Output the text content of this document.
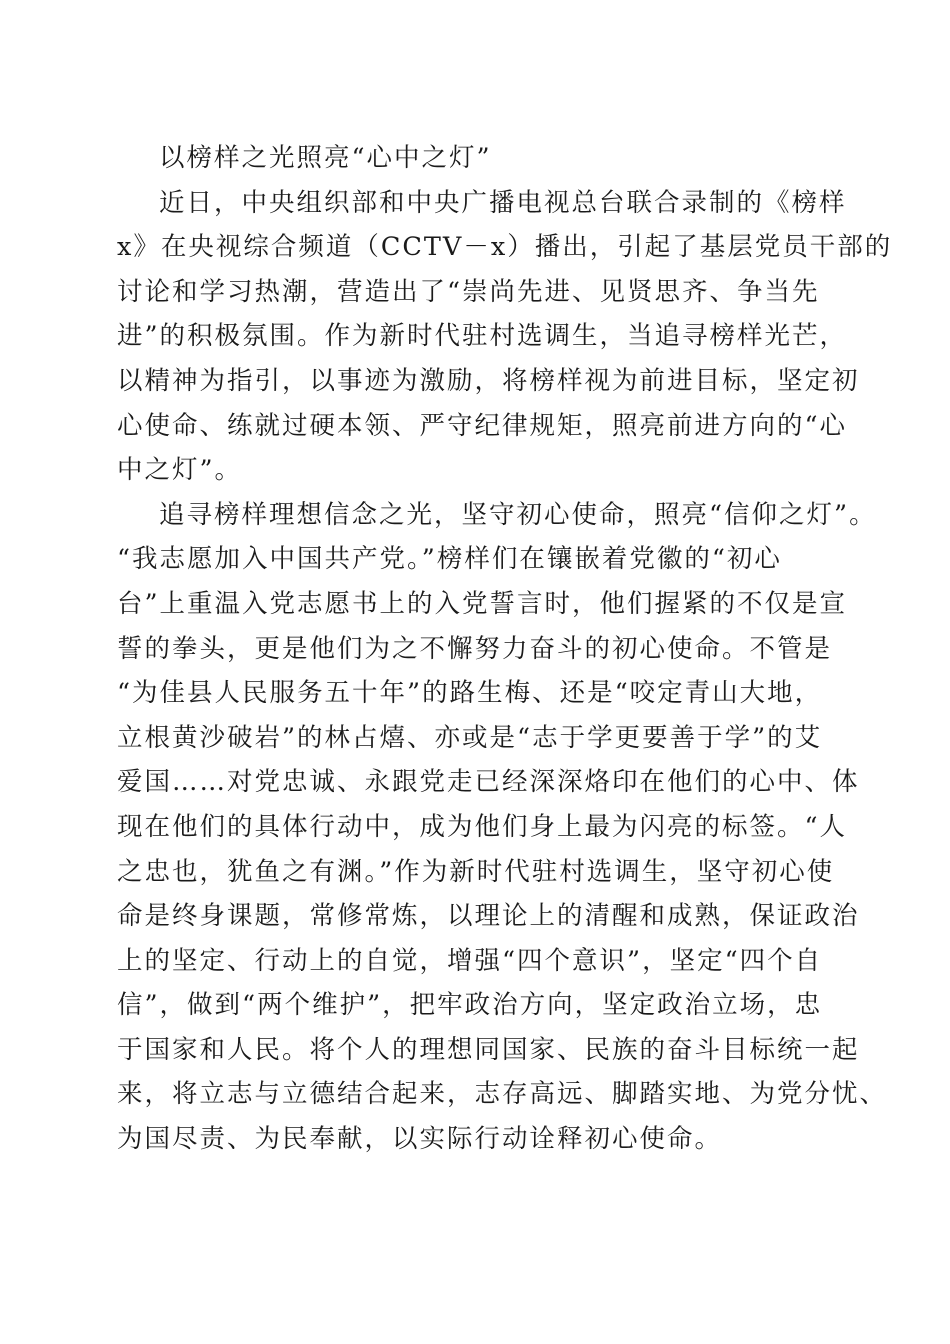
以榜样之光照亮“心中之灯”
近日，中央组织部和中央广播电视总台联合录制的《榜样
x》在央视综合频道（CCTV－x）播出，引起了基层党员干部的
讨论和学习热潮，营造出了“崇尚先进、见贤思齐、争当先
进”的积极氛围。作为新时代驻村选调生，当追寻榜样光芒，
以精神为指引，以事迹为激励，将榜样视为前进目标，坚定初
心使命、练就过硬本领、严守纪律规矩，照亮前进方向的“心
中之灯”。
追寻榜样理想信念之光，坚守初心使命，照亮“信仰之灯”。
“我志愿加入中国共产党。”榜样们在镶嵌着党徽的“初心
台”上重温入党志愿书上的入党誓言时，他们握紧的不仅是宣
誓的拳头，更是他们为之不懈努力奋斗的初心使命。不管是
“为佳县人民服务五十年”的路生梅、还是“咬定青山大地，
立根黄沙破岩”的林占熺、亦或是“志于学更要善于学”的艾
爱国……对党忠诚、永跟党走已经深深烙印在他们的心中、体
现在他们的具体行动中，成为他们身上最为闪亮的标签。“人
之忠也，犹鱼之有渊。”作为新时代驻村选调生，坚守初心使
命是终身课题，常修常炼，以理论上的清醒和成熟，保证政治
上的坚定、行动上的自觉，增强“四个意识”，坚定“四个自
信”，做到“两个维护”，把牢政治方向，坚定政治立场，忠
于国家和人民。将个人的理想同国家、民族的奋斗目标统一起
来，将立志与立德结合起来，志存高远、脚踏实地、为党分忧、
为国尽责、为民奉献，以实际行动诠释初心使命。
